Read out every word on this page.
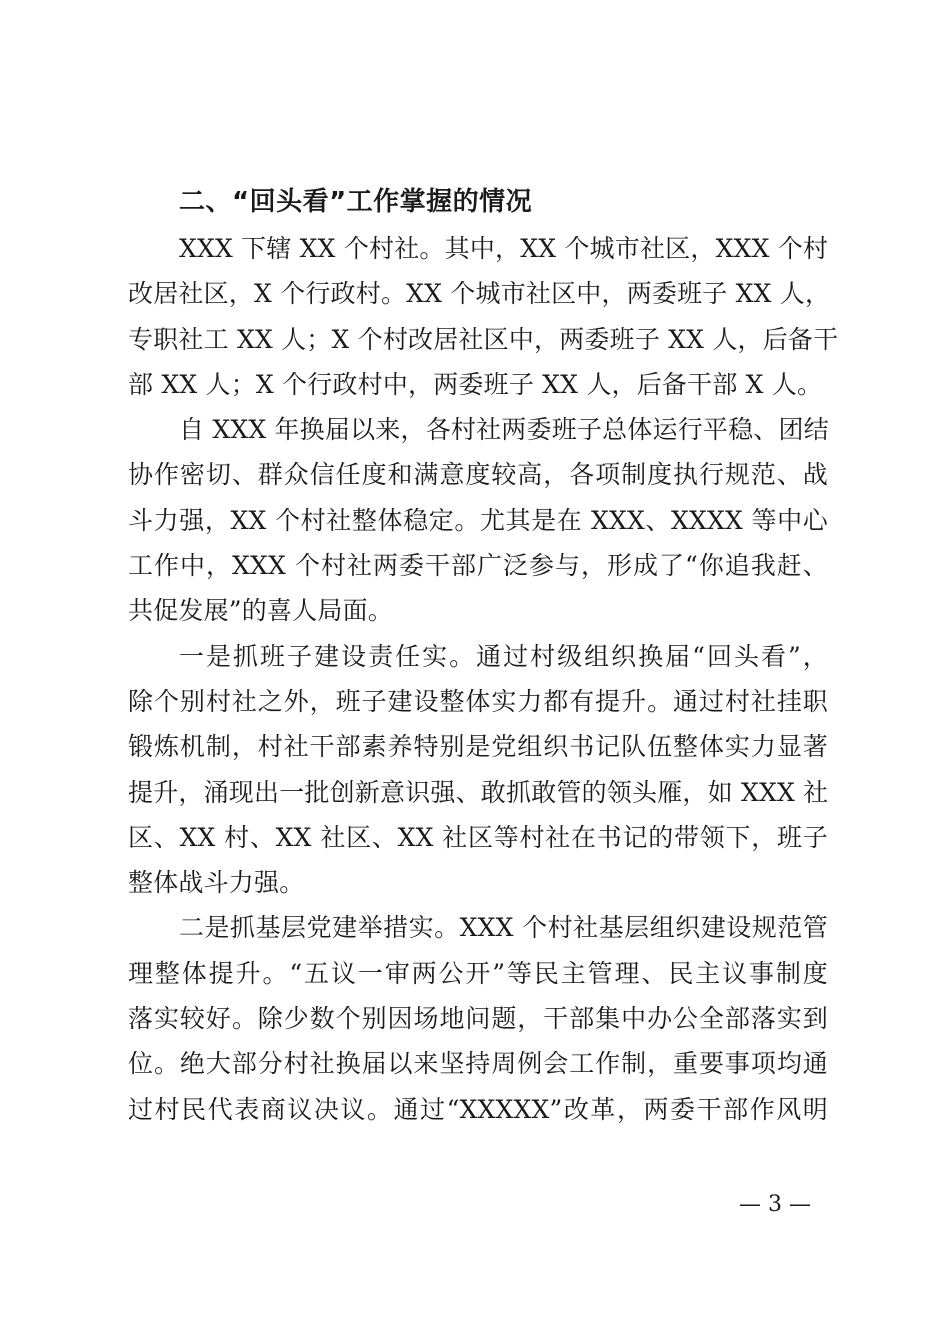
二、“回头看”工作掌握的情况

XXX 下辖 XX 个村社。其中，XX 个城市社区，XXX 个村
改居社区，X 个行政村。XX 个城市社区中，两委班子 XX 人，
专职社工 XX 人；X 个村改居社区中，两委班子 XX 人，后备干
部 XX 人；X 个行政村中，两委班子 XX 人，后备干部 X 人。

自 XXX 年换届以来，各村社两委班子总体运行平稳、团结
协作密切、群众信任度和满意度较高，各项制度执行规范、战
斗力强，XX 个村社整体稳定。尤其是在 XXX、XXXX 等中心
工作中，XXX 个村社两委干部广泛参与，形成了“你追我赶、
共促发展”的喜人局面。

一是抓班子建设责任实。通过村级组织换届“回头看”，
除个别村社之外，班子建设整体实力都有提升。通过村社挂职
锻炼机制，村社干部素养特别是党组织书记队伍整体实力显著
提升，涌现出一批创新意识强、敢抓敢管的领头雁，如 XXX 社
区、XX 村、XX 社区、XX 社区等村社在书记的带领下，班子
整体战斗力强。

二是抓基层党建举措实。XXX 个村社基层组织建设规范管
理整体提升。“五议一审两公开”等民主管理、民主议事制度
落实较好。除少数个别因场地问题，干部集中办公全部落实到
位。绝大部分村社换届以来坚持周例会工作制，重要事项均通
过村民代表商议决议。通过“XXXXX”改革，两委干部作风明

— 3 —
